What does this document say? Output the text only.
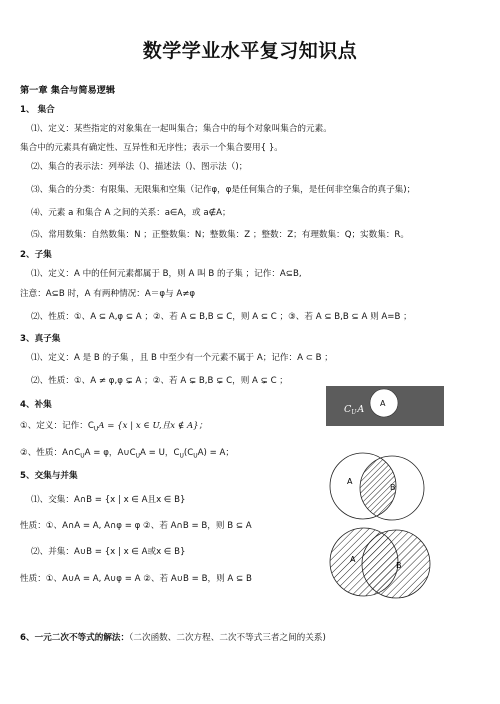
数学学业水平复习知识点
第一章 集合与简易逻辑
1、 集合
⑴、定义：某些指定的对象集在一起叫集合；集合中的每个对象叫集合的元素。
集合中的元素具有确定性、互异性和无序性；表示一个集合要用{ }。
⑵、集合的表示法：列举法（)、描述法（)、图示法（)；
⑶、集合的分类：有限集、无限集和空集（记作φ，φ是任何集合的子集，是任何非空集合的真子集)；
⑷、元素 a 和集合 A 之间的关系：a∈A，或 a∉A；
⑸、常用数集：自然数集：N ；正整数集：N；整数集：Z ；整数：Z；有理数集：Q；实数集：R。
2、子集
⑴、定义：A 中的任何元素都属于 B，则 A 叫 B 的子集 ；记作：A⊆B,
注意：A⊆B 时，A 有两种情况：A＝φ与 A≠φ
⑵、性质：①、A ⊆ A,φ ⊆ A ；②、若 A ⊆ B,B ⊆ C，则 A ⊆ C ；③、若 A ⊆ B,B ⊆ A 则 A=B ；
3、真子集
⑴、定义：A 是 B 的子集 ，且 B 中至少有一个元素不属于 A；记作：A ⊂ B ；
⑵、性质：①、A ≠ φ,φ ⊊ A ；②、若 A ⊊ B,B ⊊ C，则 A ⊊ C ；
$C_UA$
A
4、补集
①、定义：记作：$C_UA = \{x$ | x ∈ U,且x ∉ A}；
②、性质：$A\cap C_UA = \varphi$，$A\cup C_UA = U$，$C_U(C_UA) = A$；
A
B
5、交集与并集
⑴、交集：A∩B = {x | x ∈ A且x ∈ B}
性质：①、A∩A = A, A∩φ = φ ②、若 A∩B = B，则 B ⊆ A
⑵、并集：A∪B = {x | x ∈ A或x ∈ B}
性质：①、A∪A = A, A∪φ = A ②、若 A∪B = B，则 A ⊆ B
A
B
6、一元二次不等式的解法：（二次函数、二次方程、二次不等式三者之间的关系)
